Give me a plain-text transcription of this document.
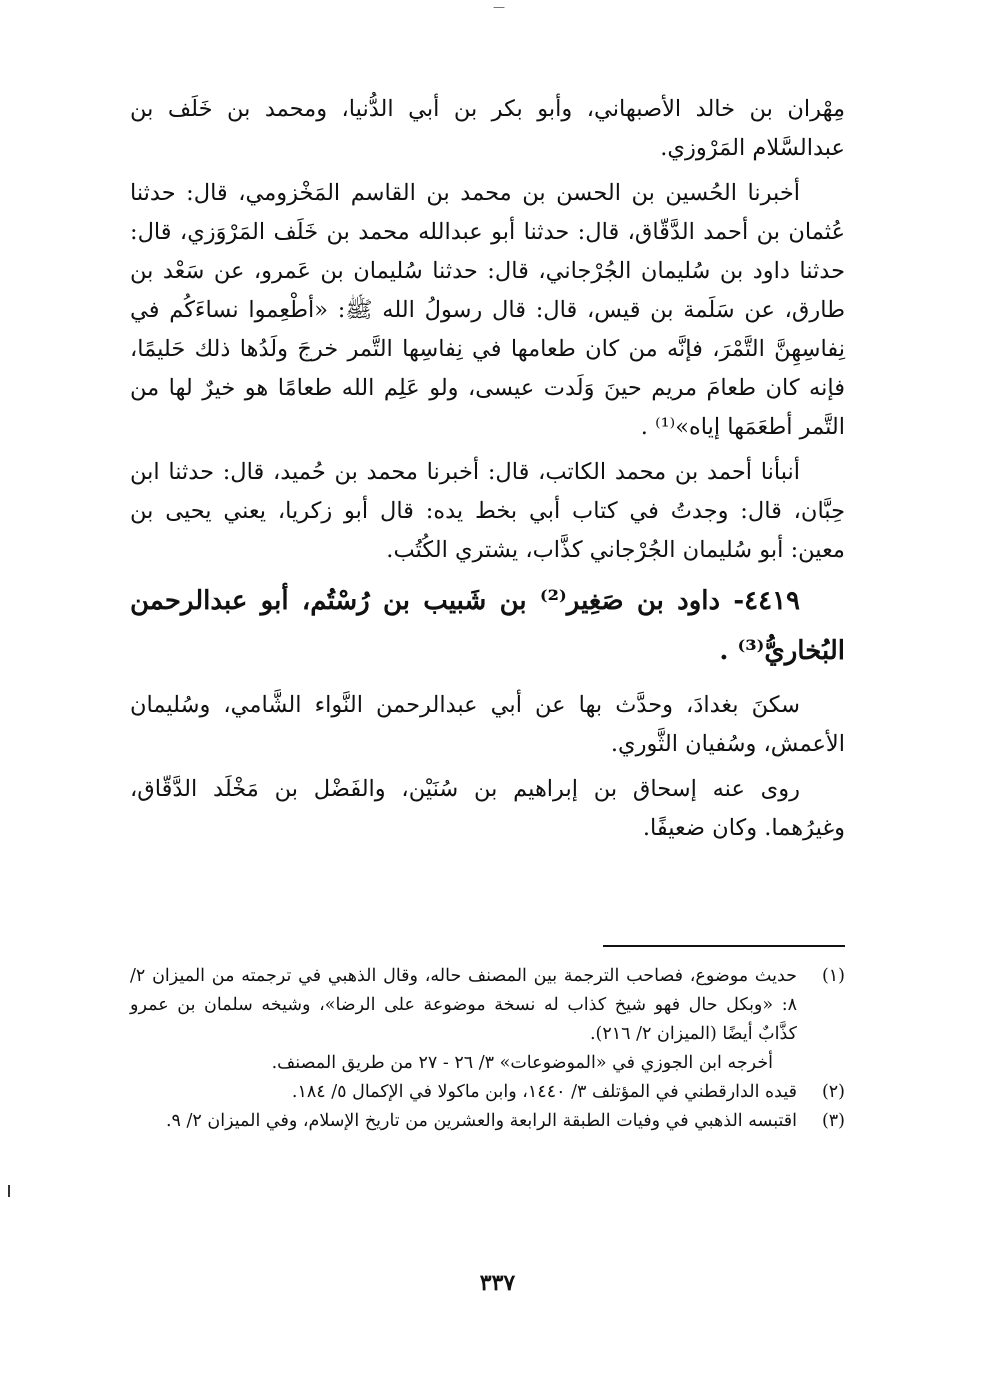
—

مِهْران بن خالد الأصبهاني، وأبو بكر بن أبي الدُّنيا، ومحمد بن خَلَف بن عبدالسَّلام المَرْوزي.

أخبرنا الحُسين بن الحسن بن محمد بن القاسم المَخْزومي، قال: حدثنا عُثمان بن أحمد الدَّقّاق، قال: حدثنا أبو عبدالله محمد بن خَلَف المَرْوَزي، قال: حدثنا داود بن سُليمان الجُرْجاني، قال: حدثنا سُليمان بن عَمرو، عن سَعْد بن طارق، عن سَلَمة بن قيس، قال: قال رسولُ الله ﷺ: «أطْعِموا نساءَكُم في نِفاسِهِنَّ التَّمْرَ، فإنَّه من كان طعامها في نِفاسِها التَّمر خرجَ ولَدُها ذلك حَليمًا، فإنه كان طعامَ مريم حينَ وَلَدت عيسى، ولو عَلِم الله طعامًا هو خيرٌ لها من التَّمر أطعَمَها إياه»⁽¹⁾ .

أنبأنا أحمد بن محمد الكاتب، قال: أخبرنا محمد بن حُميد، قال: حدثنا ابن حِبَّان، قال: وجدتُ في كتاب أبي بخط يده: قال أبو زكريا، يعني يحيى بن معين: أبو سُليمان الجُرْجاني كذَّاب، يشتري الكُتُب.

٤٤١٩- داود بن صَغِير⁽²⁾ بن شَبيب بن رُسْتُم، أبو عبدالرحمن البُخاريُّ⁽³⁾ .

سكنَ بغدادَ، وحدَّث بها عن أبي عبدالرحمن النَّواء الشَّامي، وسُليمان الأعمش، وسُفيان الثَّوري.

روى عنه إسحاق بن إبراهيم بن سُنَيْن، والفَضْل بن مَخْلَد الدَّقّاق، وغيرُهما. وكان ضعيفًا.

(١)
حديث موضوع، فصاحب الترجمة بين المصنف حاله، وقال الذهبي في ترجمته من الميزان ٢/ ٨: «وبكل حال فهو شيخ كذاب له نسخة موضوعة على الرضا»، وشيخه سلمان بن عمرو كذَّابٌ أيضًا (الميزان ٢/ ٢١٦).
أخرجه ابن الجوزي في «الموضوعات» ٣/ ٢٦ - ٢٧ من طريق المصنف.
(٢)
قيده الدارقطني في المؤتلف ٣/ ١٤٤٠، وابن ماكولا في الإكمال ٥/ ١٨٤.
(٣)
اقتبسه الذهبي في وفيات الطبقة الرابعة والعشرين من تاريخ الإسلام، وفي الميزان ٢/ ٩.
٣٣٧
